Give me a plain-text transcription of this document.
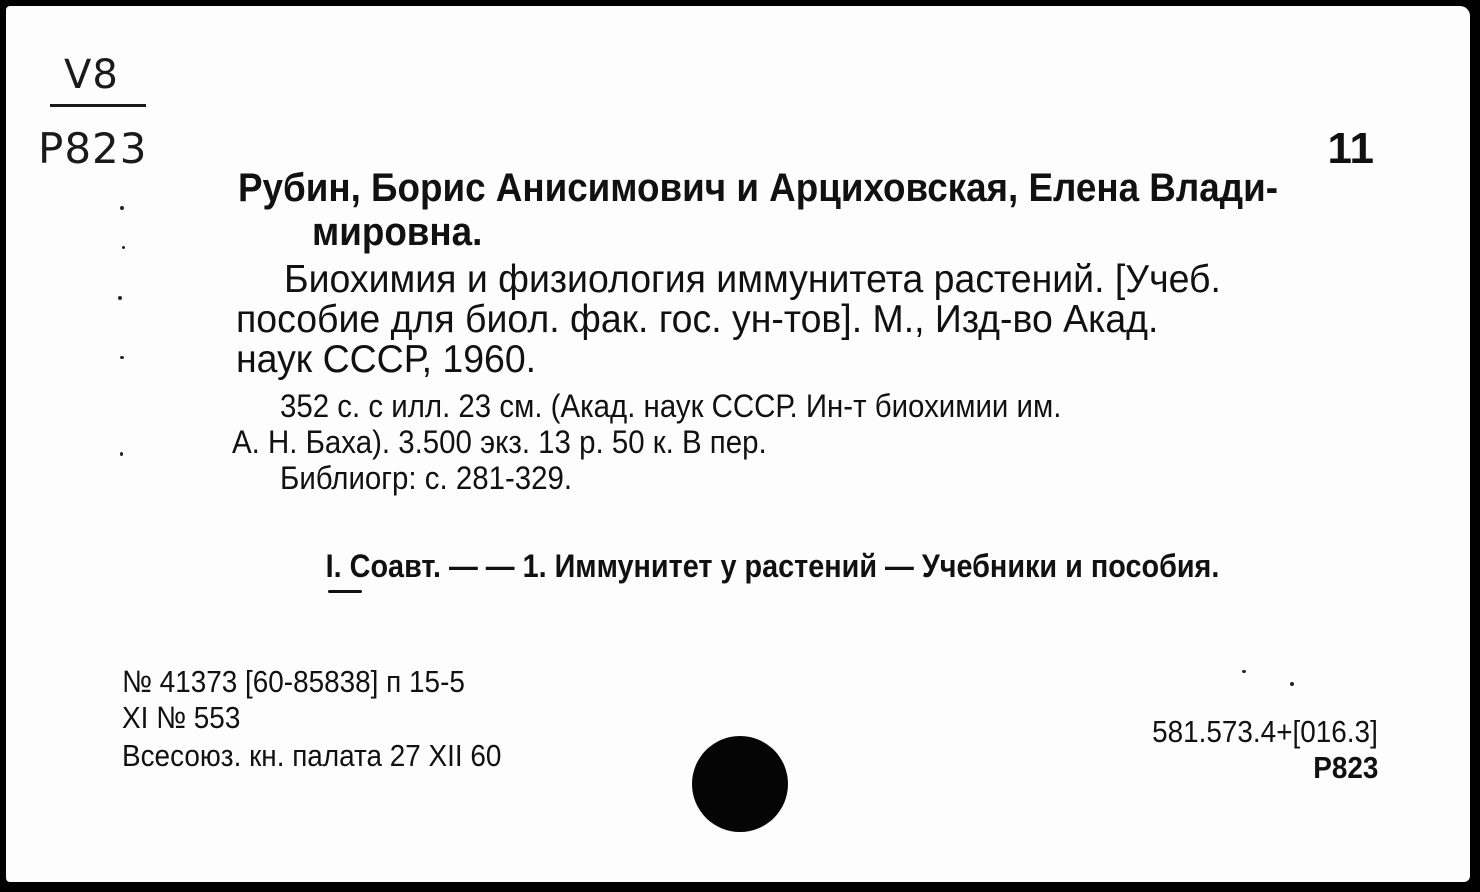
V8
P823	11
Рубин, Борис Анисимович и Арциховская, Елена Влади-
мировна.
Биохимия и физиология иммунитета растений. [Учеб.
пособие для биол. фак. гос. ун-тов]. М., Изд-во Акад.
наук СССР, 1960.
352 с. с илл. 23 см. (Акад. наук СССР. Ин-т биохимии им.
А. Н. Баха). 3.500 экз. 13 р. 50 к. В пер.
Библиогр: с. 281-329.
I. Соавт. — — 1. Иммунитет у растений — Учебники и пособия.
№ 41373 [60-85838] п 15-5
XI № 553
Всесоюз. кн. палата 27 XII 60
581.573.4+[016.3]
Р823
